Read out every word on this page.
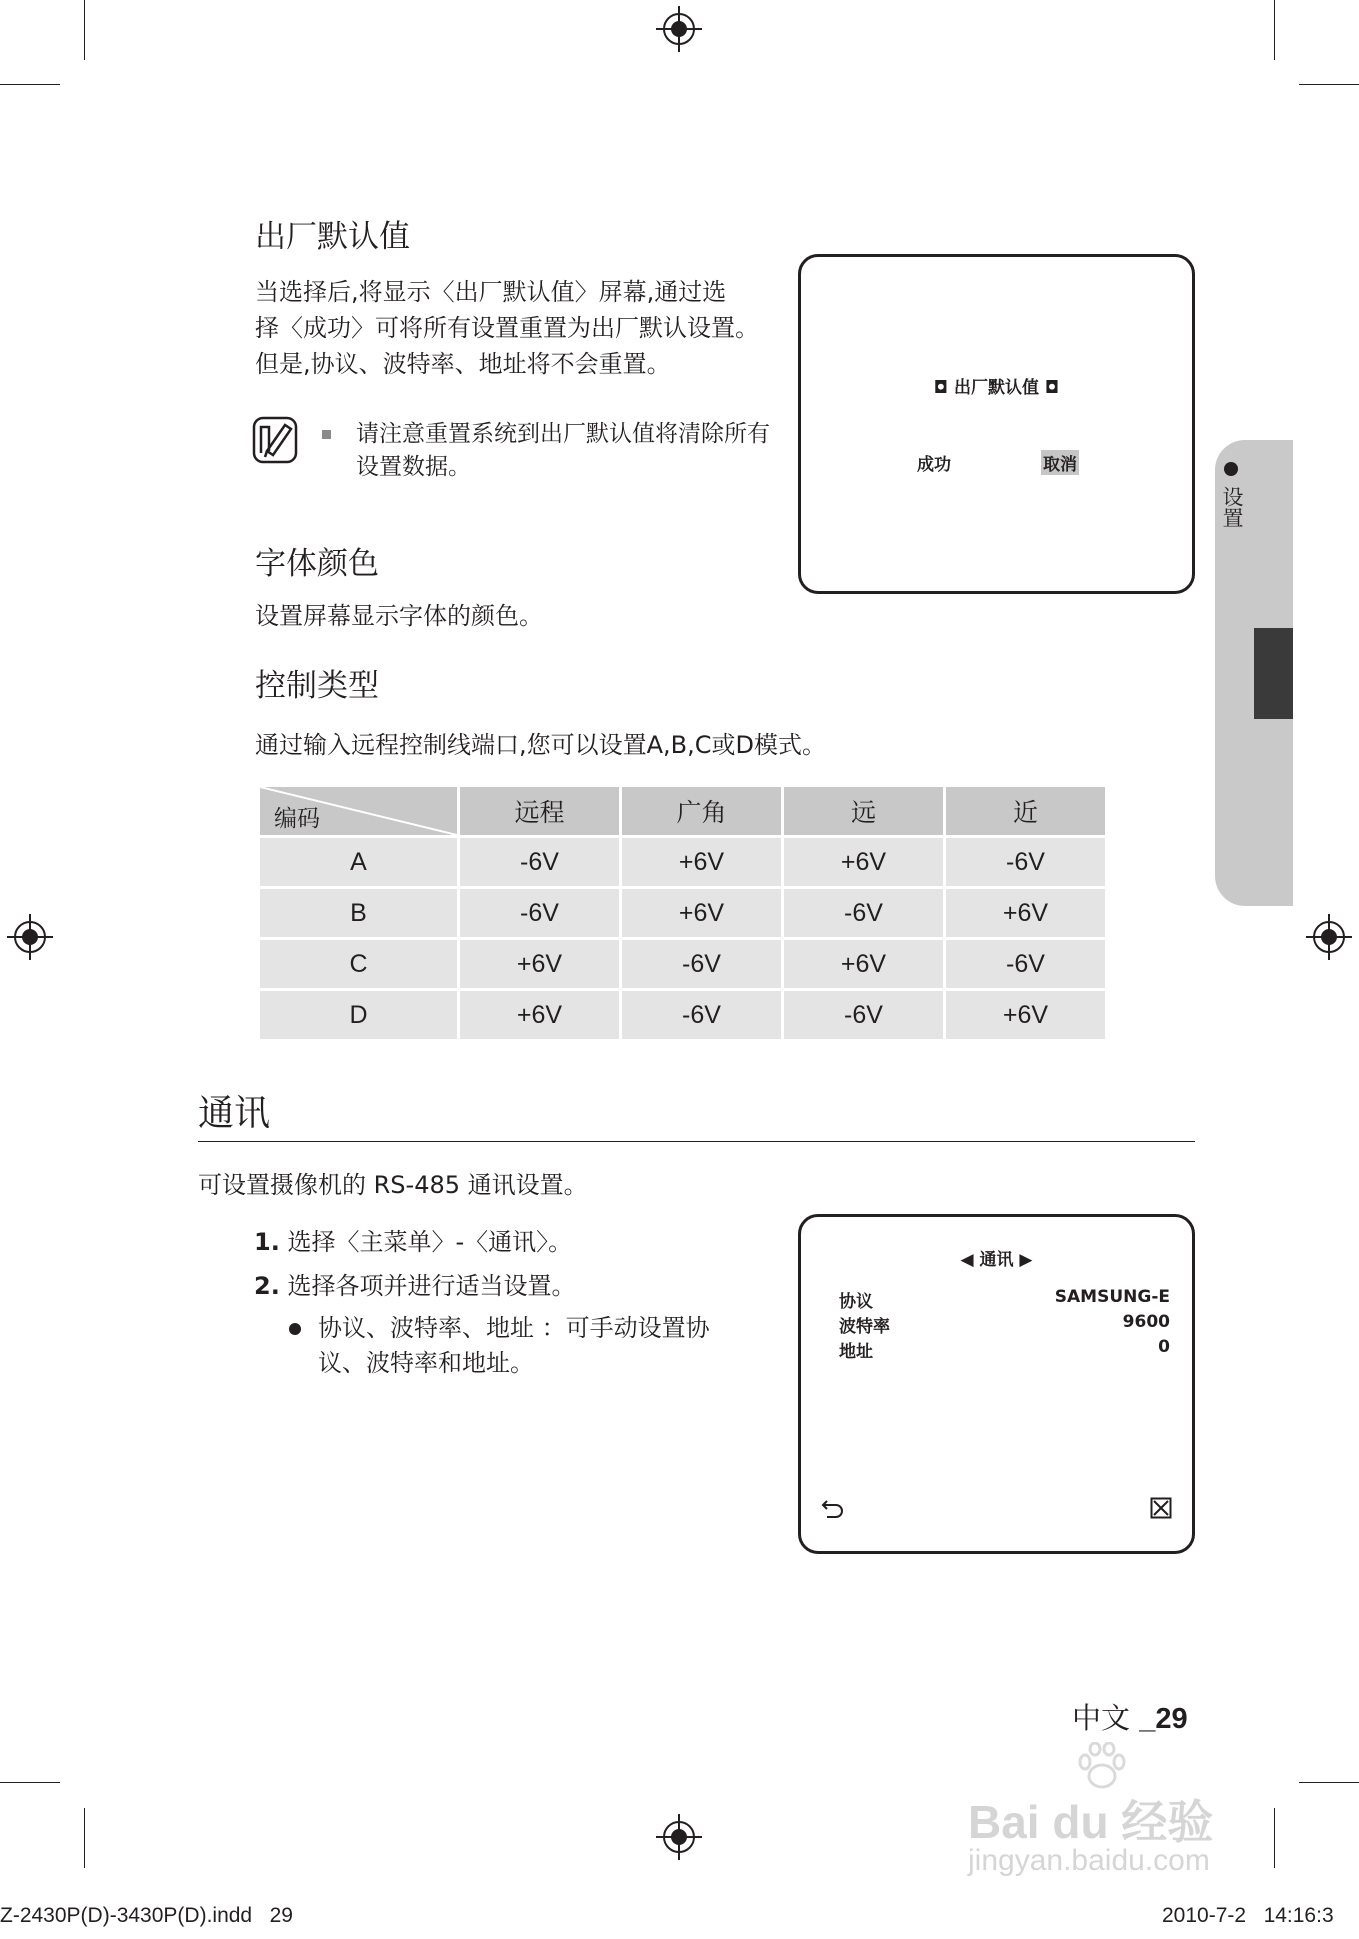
出厂默认值
当选择后,将显示〈出厂默认值〉屏幕,通过选
择〈成功〉可将所有设置重置为出厂默认设置。
但是,协议、波特率、地址将不会重置。
请注意重置系统到出厂默认值将清除所有
设置数据。
◘ 出厂默认值 ◘
成功	取消
设置
字体颜色
设置屏幕显示字体的颜色。
控制类型
通过输入远程控制线端口,您可以设置A,B,C或D模式。
编码	远程	广角	远	近
A	-6V	+6V	+6V	-6V
B	-6V	+6V	-6V	+6V
C	+6V	-6V	+6V	-6V
D	+6V	-6V	-6V	+6V
通讯
可设置摄像机的 RS-485 通讯设置。
1. 选择〈主菜单〉-〈通讯〉。
2. 选择各项并进行适当设置。
协议、波特率、地址 ：可手动设置协
议、波特率和地址。
◀ 通讯 ▶
协议	SAMSUNG-E
波特率	9600
地址	0
中文 _29
Bai du 经验
jingyan.baidu.com
Z-2430P(D)-3430P(D).indd   29	2010-7-2   14:16:3
